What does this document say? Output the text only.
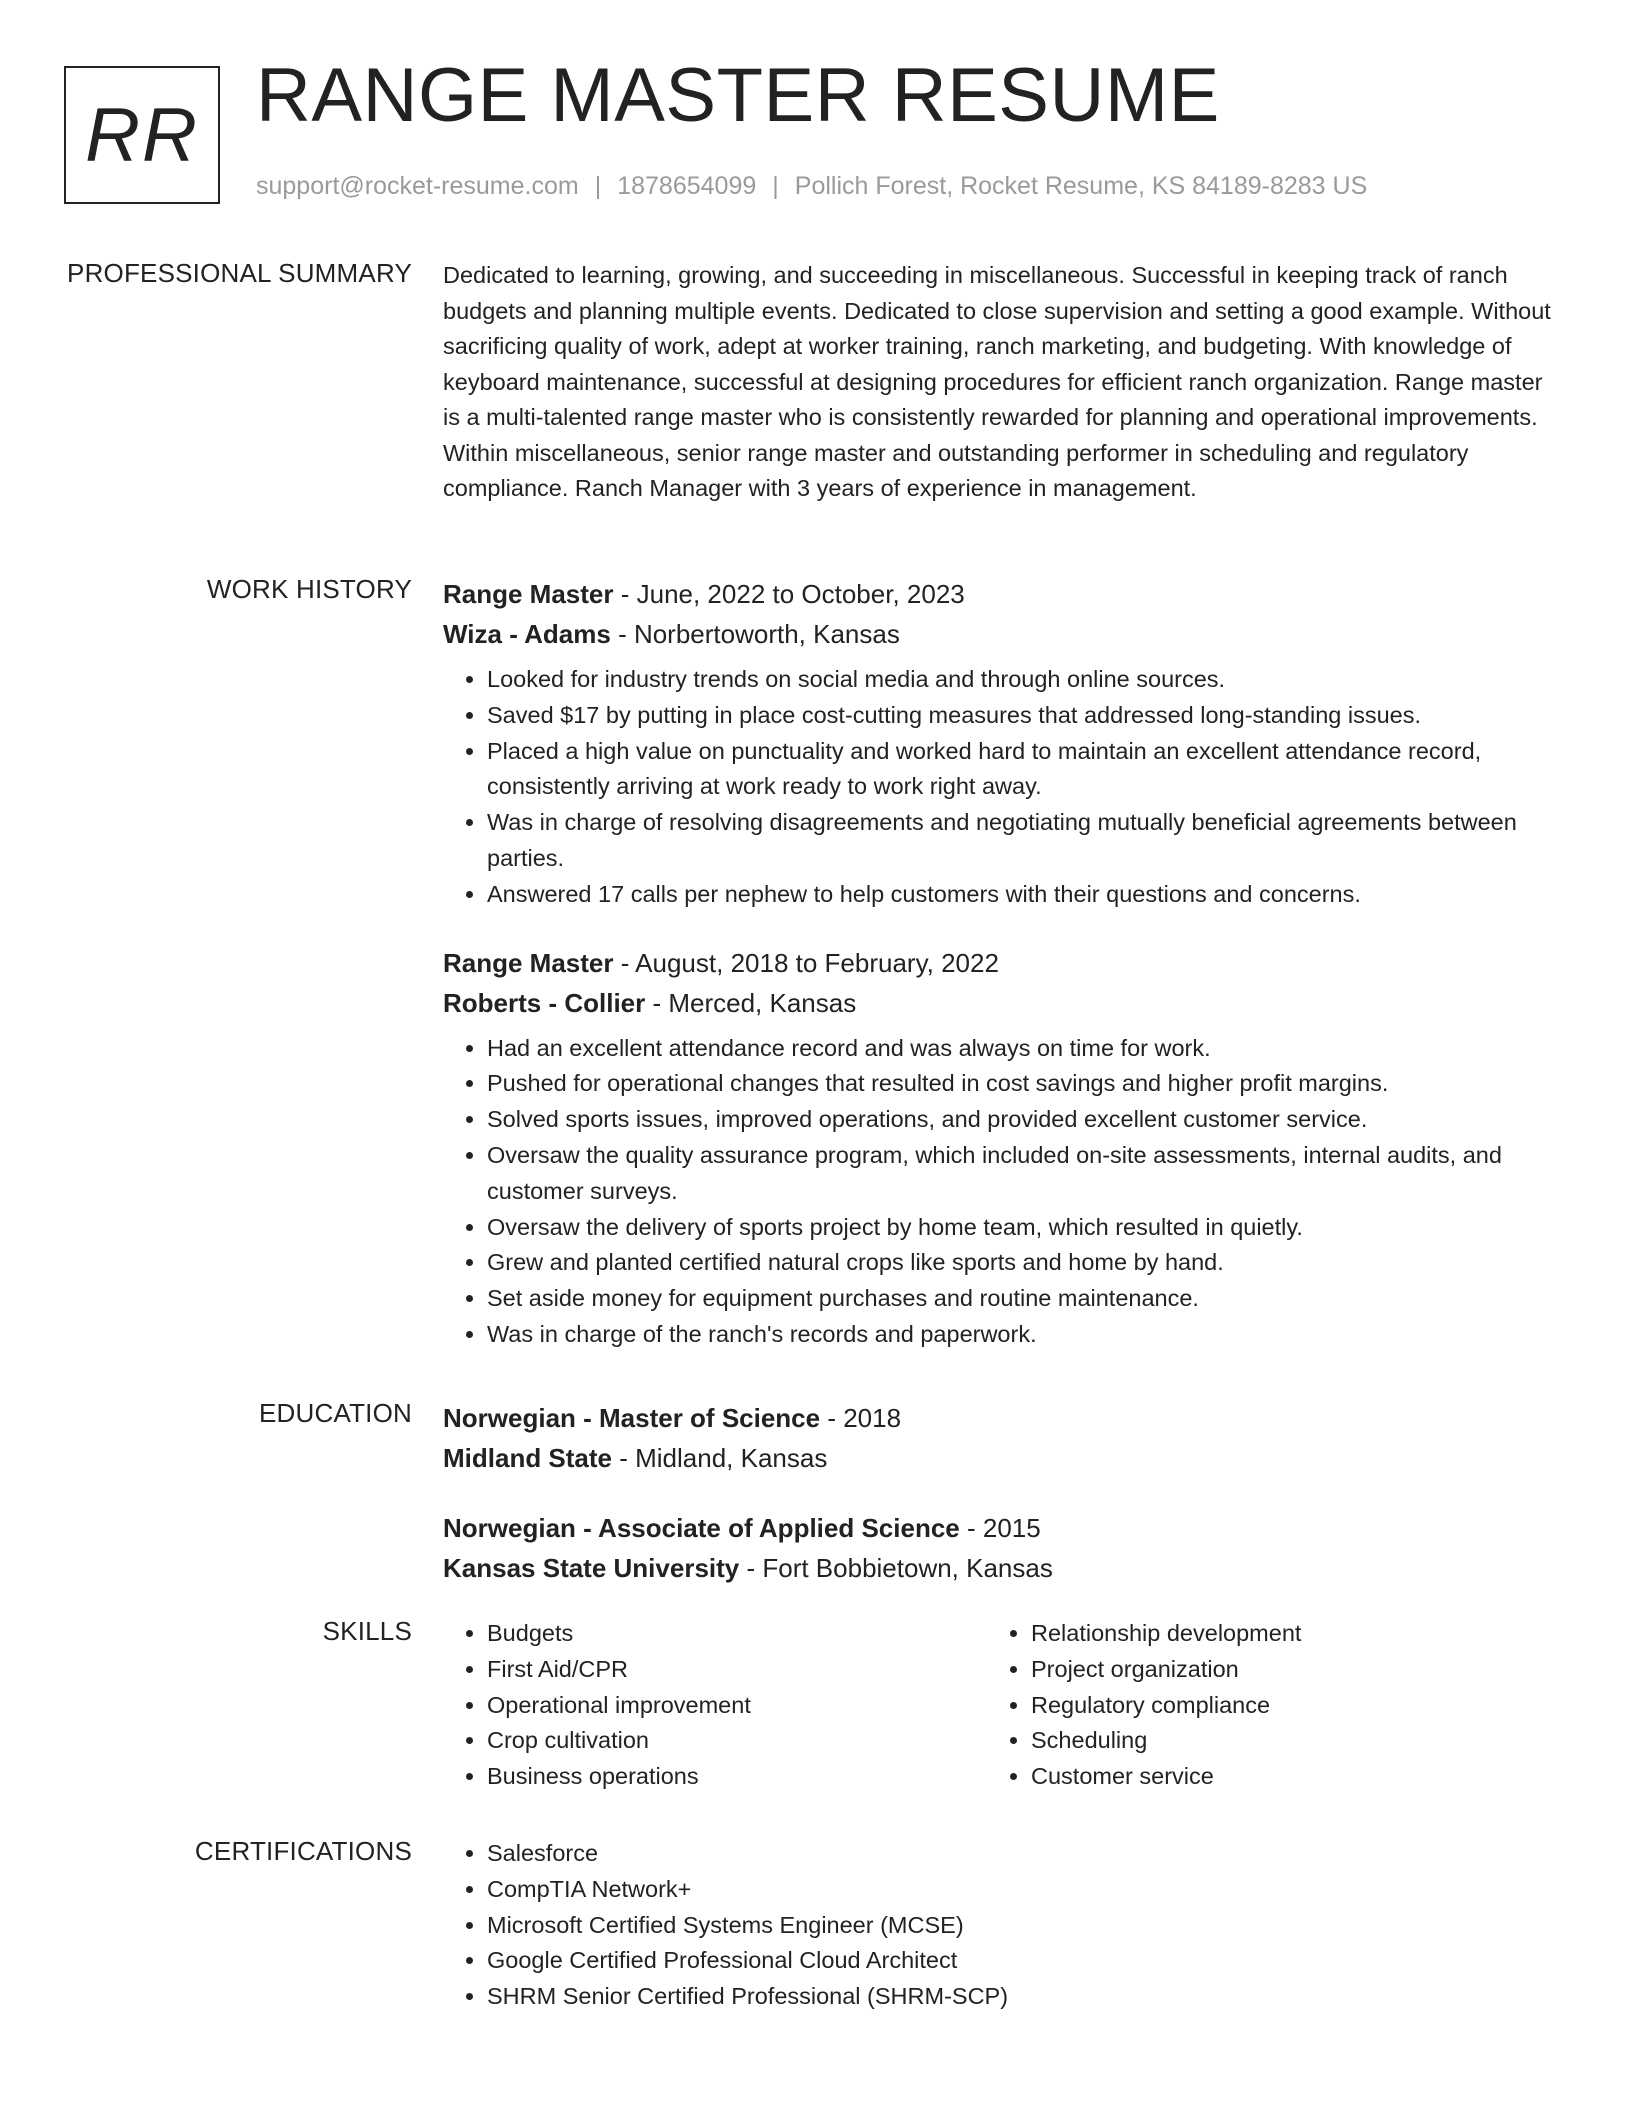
RR RANGE MASTER RESUME
support@rocket-resume.com | 1878654099 | Pollich Forest, Rocket Resume, KS 84189-8283 US
PROFESSIONAL SUMMARY Dedicated to learning, growing, and succeeding in miscellaneous. Successful in keeping track of ranch budgets and planning multiple events. Dedicated to close supervision and setting a good example. Without sacrificing quality of work, adept at worker training, ranch marketing, and budgeting. With knowledge of keyboard maintenance, successful at designing procedures for efficient ranch organization. Range master is a multi-talented range master who is consistently rewarded for planning and operational improvements. Within miscellaneous, senior range master and outstanding performer in scheduling and regulatory compliance. Ranch Manager with 3 years of experience in management.

WORK HISTORY Range Master - June, 2022 to October, 2023
Wiza - Adams - Norbertoworth, Kansas
• Looked for industry trends on social media and through online sources.
• Saved $17 by putting in place cost-cutting measures that addressed long-standing issues.
• Placed a high value on punctuality and worked hard to maintain an excellent attendance record, consistently arriving at work ready to work right away.
• Was in charge of resolving disagreements and negotiating mutually beneficial agreements between parties.
• Answered 17 calls per nephew to help customers with their questions and concerns.
Range Master - August, 2018 to February, 2022
Roberts - Collier - Merced, Kansas
• Had an excellent attendance record and was always on time for work.
• Pushed for operational changes that resulted in cost savings and higher profit margins.
• Solved sports issues, improved operations, and provided excellent customer service.
• Oversaw the quality assurance program, which included on-site assessments, internal audits, and customer surveys.
• Oversaw the delivery of sports project by home team, which resulted in quietly.
• Grew and planted certified natural crops like sports and home by hand.
• Set aside money for equipment purchases and routine maintenance.
• Was in charge of the ranch's records and paperwork.
EDUCATION Norwegian - Master of Science - 2018
Midland State - Midland, Kansas
Norwegian - Associate of Applied Science - 2015
Kansas State University - Fort Bobbietown, Kansas
SKILLS	• Budgets
• First Aid/CPR
• Operational improvement
• Crop cultivation
• Business operations
• Relationship development
• Project organization
• Regulatory compliance
• Scheduling
• Customer service
CERTIFICATIONS	• Salesforce
• CompTIA Network+
• Microsoft Certified Systems Engineer (MCSE)
• Google Certified Professional Cloud Architect
• SHRM Senior Certified Professional (SHRM-SCP)
